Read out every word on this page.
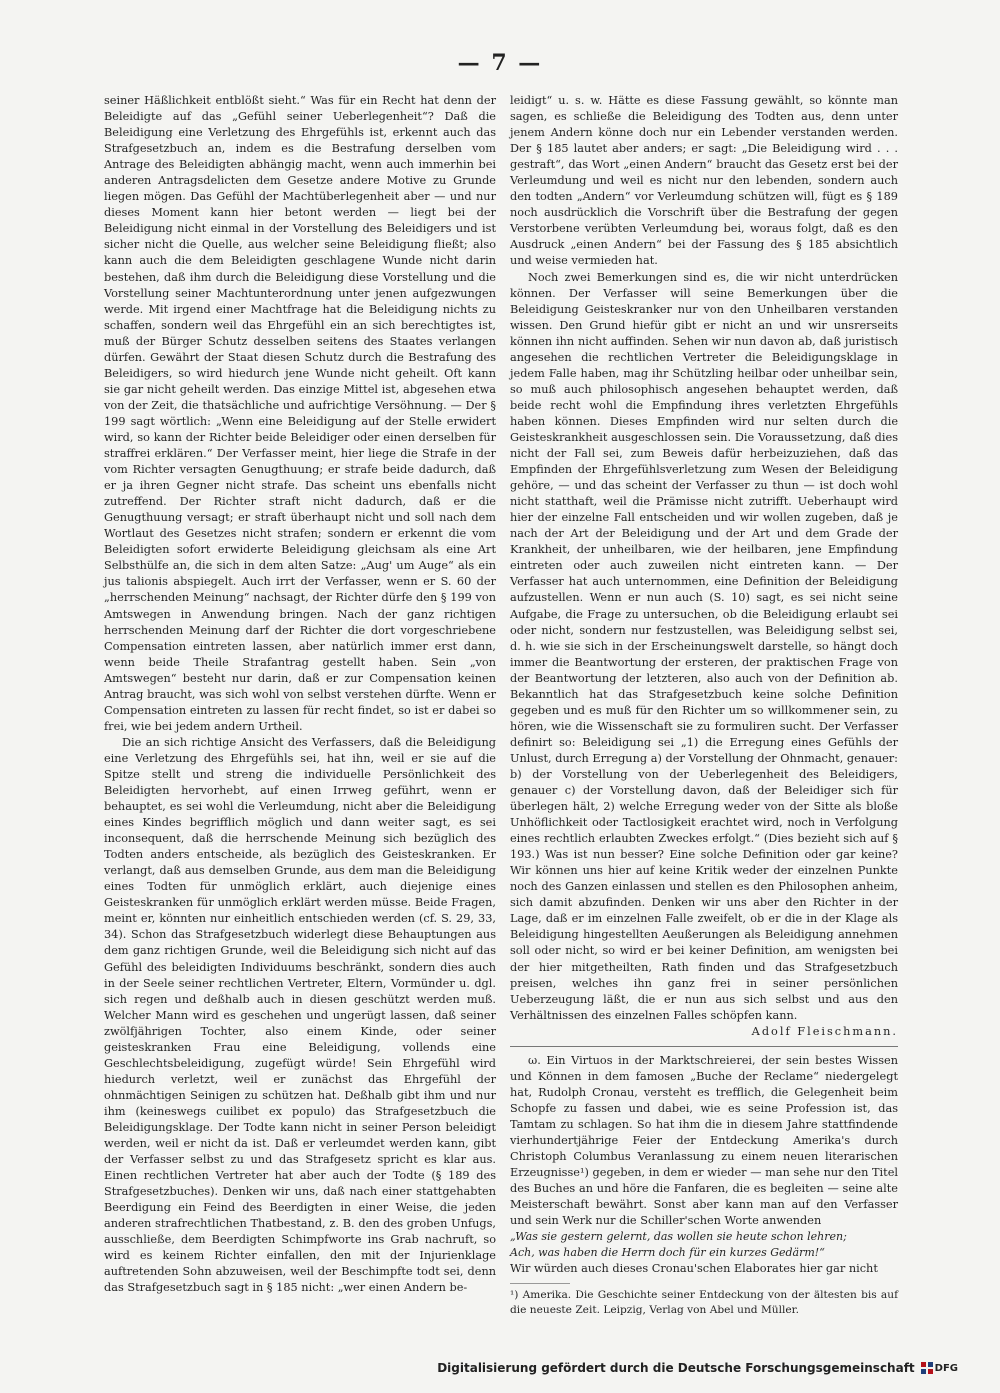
— 7 —

seiner Häßlichkeit entblößt sieht.“ Was für ein Recht hat denn der Beleidigte auf das „Gefühl seiner Ueberlegenheit“? Daß die Beleidigung eine Verletzung des Ehrgefühls ist, erkennt auch das Strafgesetzbuch an, indem es die Bestrafung derselben vom Antrage des Beleidigten abhängig macht, wenn auch immerhin bei anderen Antragsdelicten dem Gesetze andere Motive zu Grunde liegen mögen. Das Gefühl der Machtüberlegenheit aber — und nur dieses Moment kann hier betont werden — liegt bei der Beleidigung nicht einmal in der Vorstellung des Beleidigers und ist sicher nicht die Quelle, aus welcher seine Beleidigung fließt; also kann auch die dem Beleidigten geschlagene Wunde nicht darin bestehen, daß ihm durch die Beleidigung diese Vorstellung und die Vorstellung seiner Machtunterordnung unter jenen aufgezwungen werde. Mit irgend einer Machtfrage hat die Beleidigung nichts zu schaffen, sondern weil das Ehrgefühl ein an sich berechtigtes ist, muß der Bürger Schutz desselben seitens des Staates verlangen dürfen. Gewährt der Staat diesen Schutz durch die Bestrafung des Beleidigers, so wird hiedurch jene Wunde nicht geheilt. Oft kann sie gar nicht geheilt werden. Das einzige Mittel ist, abgesehen etwa von der Zeit, die thatsächliche und aufrichtige Versöhnung. — Der § 199 sagt wörtlich: „Wenn eine Beleidigung auf der Stelle erwidert wird, so kann der Richter beide Beleidiger oder einen derselben für straffrei erklären.“ Der Verfasser meint, hier liege die Strafe in der vom Richter versagten Genugthuung; er strafe beide dadurch, daß er ja ihren Gegner nicht strafe. Das scheint uns ebenfalls nicht zutreffend. Der Richter straft nicht dadurch, daß er die Genugthuung versagt; er straft überhaupt nicht und soll nach dem Wortlaut des Gesetzes nicht strafen; sondern er erkennt die vom Beleidigten sofort erwiderte Beleidigung gleichsam als eine Art Selbsthülfe an, die sich in dem alten Satze: „Aug' um Auge“ als ein jus talionis abspiegelt. Auch irrt der Verfasser, wenn er S. 60 der „herrschenden Meinung“ nachsagt, der Richter dürfe den § 199 von Amtswegen in Anwendung bringen. Nach der ganz richtigen herrschenden Meinung darf der Richter die dort vorgeschriebene Compensation eintreten lassen, aber natürlich immer erst dann, wenn beide Theile Strafantrag gestellt haben. Sein „von Amtswegen“ besteht nur darin, daß er zur Compensation keinen Antrag braucht, was sich wohl von selbst verstehen dürfte. Wenn er Compensation eintreten zu lassen für recht findet, so ist er dabei so frei, wie bei jedem andern Urtheil.

Die an sich richtige Ansicht des Verfassers, daß die Beleidigung eine Verletzung des Ehrgefühls sei, hat ihn, weil er sie auf die Spitze stellt und streng die individuelle Persönlichkeit des Beleidigten hervorhebt, auf einen Irrweg geführt, wenn er behauptet, es sei wohl die Verleumdung, nicht aber die Beleidigung eines Kindes begrifflich möglich und dann weiter sagt, es sei inconsequent, daß die herrschende Meinung sich bezüglich des Todten anders entscheide, als bezüglich des Geisteskranken. Er verlangt, daß aus demselben Grunde, aus dem man die Beleidigung eines Todten für unmöglich erklärt, auch diejenige eines Geisteskranken für unmöglich erklärt werden müsse. Beide Fragen, meint er, könnten nur einheitlich entschieden werden (cf. S. 29, 33, 34). Schon das Strafgesetzbuch widerlegt diese Behauptungen aus dem ganz richtigen Grunde, weil die Beleidigung sich nicht auf das Gefühl des beleidigten Individuums beschränkt, sondern dies auch in der Seele seiner rechtlichen Vertreter, Eltern, Vormünder u. dgl. sich regen und deßhalb auch in diesen geschützt werden muß. Welcher Mann wird es geschehen und ungerügt lassen, daß seiner zwölfjährigen Tochter, also einem Kinde, oder seiner geisteskranken Frau eine Beleidigung, vollends eine Geschlechtsbeleidigung, zugefügt würde! Sein Ehrgefühl wird hiedurch verletzt, weil er zunächst das Ehrgefühl der ohnmächtigen Seinigen zu schützen hat. Deßhalb gibt ihm und nur ihm (keineswegs cuilibet ex populo) das Strafgesetzbuch die Beleidigungsklage. Der Todte kann nicht in seiner Person beleidigt werden, weil er nicht da ist. Daß er verleumdet werden kann, gibt der Verfasser selbst zu und das Strafgesetz spricht es klar aus. Einen rechtlichen Vertreter hat aber auch der Todte (§ 189 des Strafgesetzbuches). Denken wir uns, daß nach einer stattgehabten Beerdigung ein Feind des Beerdigten in einer Weise, die jeden anderen strafrechtlichen Thatbestand, z. B. den des groben Unfugs, ausschließe, dem Beerdigten Schimpfworte ins Grab nachruft, so wird es keinem Richter einfallen, den mit der Injurienklage auftretenden Sohn abzuweisen, weil der Beschimpfte todt sei, denn das Strafgesetzbuch sagt in § 185 nicht: „wer einen Andern be-

leidigt“ u. s. w. Hätte es diese Fassung gewählt, so könnte man sagen, es schließe die Beleidigung des Todten aus, denn unter jenem Andern könne doch nur ein Lebender verstanden werden. Der § 185 lautet aber anders; er sagt: „Die Beleidigung wird . . . gestraft“, das Wort „einen Andern“ braucht das Gesetz erst bei der Verleumdung und weil es nicht nur den lebenden, sondern auch den todten „Andern“ vor Verleumdung schützen will, fügt es § 189 noch ausdrücklich die Vorschrift über die Bestrafung der gegen Verstorbene verübten Verleumdung bei, woraus folgt, daß es den Ausdruck „einen Andern“ bei der Fassung des § 185 absichtlich und weise vermieden hat.

Noch zwei Bemerkungen sind es, die wir nicht unterdrücken können. Der Verfasser will seine Bemerkungen über die Beleidigung Geisteskranker nur von den Unheilbaren verstanden wissen. Den Grund hiefür gibt er nicht an und wir unsrerseits können ihn nicht auffinden. Sehen wir nun davon ab, daß juristisch angesehen die rechtlichen Vertreter die Beleidigungsklage in jedem Falle haben, mag ihr Schützling heilbar oder unheilbar sein, so muß auch philosophisch angesehen behauptet werden, daß beide recht wohl die Empfindung ihres verletzten Ehrgefühls haben können. Dieses Empfinden wird nur selten durch die Geisteskrankheit ausgeschlossen sein. Die Voraussetzung, daß dies nicht der Fall sei, zum Beweis dafür herbeizuziehen, daß das Empfinden der Ehrgefühlsverletzung zum Wesen der Beleidigung gehöre, — und das scheint der Verfasser zu thun — ist doch wohl nicht statthaft, weil die Prämisse nicht zutrifft. Ueberhaupt wird hier der einzelne Fall entscheiden und wir wollen zugeben, daß je nach der Art der Beleidigung und der Art und dem Grade der Krankheit, der unheilbaren, wie der heilbaren, jene Empfindung eintreten oder auch zuweilen nicht eintreten kann. — Der Verfasser hat auch unternommen, eine Definition der Beleidigung aufzustellen. Wenn er nun auch (S. 10) sagt, es sei nicht seine Aufgabe, die Frage zu untersuchen, ob die Beleidigung erlaubt sei oder nicht, sondern nur festzustellen, was Beleidigung selbst sei, d. h. wie sie sich in der Erscheinungswelt darstelle, so hängt doch immer die Beantwortung der ersteren, der praktischen Frage von der Beantwortung der letzteren, also auch von der Definition ab. Bekanntlich hat das Strafgesetzbuch keine solche Definition gegeben und es muß für den Richter um so willkommener sein, zu hören, wie die Wissenschaft sie zu formuliren sucht. Der Verfasser definirt so: Beleidigung sei „1) die Erregung eines Gefühls der Unlust, durch Erregung a) der Vorstellung der Ohnmacht, genauer: b) der Vorstellung von der Ueberlegenheit des Beleidigers, genauer c) der Vorstellung davon, daß der Beleidiger sich für überlegen hält, 2) welche Erregung weder von der Sitte als bloße Unhöflichkeit oder Tactlosigkeit erachtet wird, noch in Verfolgung eines rechtlich erlaubten Zweckes erfolgt.“ (Dies bezieht sich auf § 193.) Was ist nun besser? Eine solche Definition oder gar keine? Wir können uns hier auf keine Kritik weder der einzelnen Punkte noch des Ganzen einlassen und stellen es den Philosophen anheim, sich damit abzufinden. Denken wir uns aber den Richter in der Lage, daß er im einzelnen Falle zweifelt, ob er die in der Klage als Beleidigung hingestellten Aeußerungen als Beleidigung annehmen soll oder nicht, so wird er bei keiner Definition, am wenigsten bei der hier mitgetheilten, Rath finden und das Strafgesetzbuch preisen, welches ihn ganz frei in seiner persönlichen Ueberzeugung läßt, die er nun aus sich selbst und aus den Verhältnissen des einzelnen Falles schöpfen kann.

Adolf Fleischmann.

ω. Ein Virtuos in der Marktschreierei, der sein bestes Wissen und Können in dem famosen „Buche der Reclame“ niedergelegt hat, Rudolph Cronau, versteht es trefflich, die Gelegenheit beim Schopfe zu fassen und dabei, wie es seine Profession ist, das Tamtam zu schlagen. So hat ihm die in diesem Jahre stattfindende vierhundertjährige Feier der Entdeckung Amerika's durch Christoph Columbus Veranlassung zu einem neuen literarischen Erzeugnisse¹) gegeben, in dem er wieder — man sehe nur den Titel des Buches an und höre die Fanfaren, die es begleiten — seine alte Meisterschaft bewährt. Sonst aber kann man auf den Verfasser und sein Werk nur die Schiller'schen Worte anwenden

„Was sie gestern gelernt, das wollen sie heute schon lehren;

Ach, was haben die Herrn doch für ein kurzes Gedärm!“

Wir würden auch dieses Cronau'schen Elaborates hier gar nicht

¹) Amerika. Die Geschichte seiner Entdeckung von der ältesten bis auf die neueste Zeit. Leipzig, Verlag von Abel und Müller.

Digitalisierung gefördert durch die Deutsche Forschungsgemeinschaft DFG
